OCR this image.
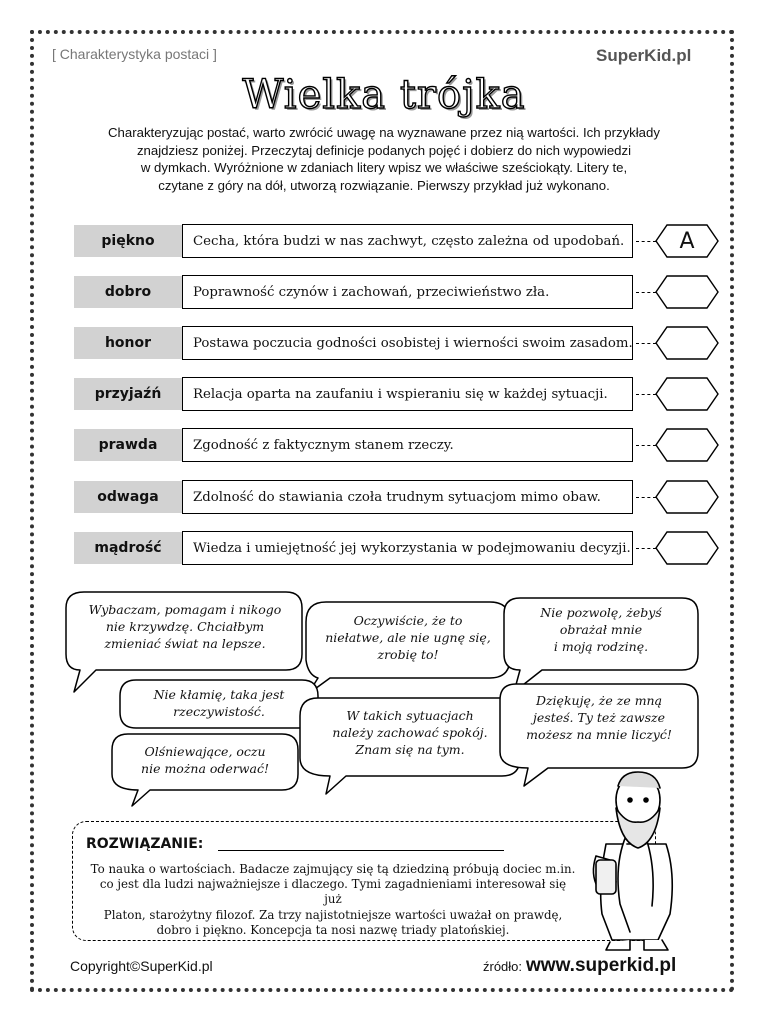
[ Charakterystyka postaci ]	SuperKid.pl
Wielka trójka
Charakteryzując postać, warto zwrócić uwagę na wyznawane przez nią wartości. Ich przykłady
znajdziesz poniżej. Przeczytaj definicje podanych pojęć i dobierz do nich wypowiedzi
w dymkach. Wyróżnione w zdaniach litery wpisz we właściwe sześciokąty. Litery te,
czytane z góry na dół, utworzą rozwiązanie. Pierwszy przykład już wykonano.
piękno	Cecha, która budzi w nas zachwyt, często zależna od upodobań.	A
dobro	Poprawność czynów i zachowań, przeciwieństwo zła.
honor	Postawa poczucia godności osobistej i wierności swoim zasadom.
przyjaźń	Relacja oparta na zaufaniu i wspieraniu się w każdej sytuacji.
prawda	Zgodność z faktycznym stanem rzeczy.
odwaga	Zdolność do stawiania czoła trudnym sytuacjom mimo obaw.
mądrość	Wiedza i umiejętność jej wykorzystania w podejmowaniu decyzji.
Wybaczam, pomagam i nikogo
nie krzywdzę. Chciałbym
zmieniać świat na lepsze.
Oczywiście, że to
niełatwe, ale nie ugnę się,
zrobię to!
Nie pozwolę, żebyś
obrażał mnie
i moją rodzinę.
Nie kłamię, taka jest
rzeczywistość.	W takich sytuacjach
należy zachować spokój.
Znam się na tym.
Dziękuję, że ze mną
jesteś. Ty też zawsze
możesz na mnie liczyć!
Olśniewające, oczu
nie można oderwać!
ROZWIĄZANIE:
To nauka o wartościach. Badacze zajmujący się tą dziedziną próbują dociec m.in.
co jest dla ludzi najważniejsze i dlaczego. Tymi zagadnieniami interesował się już
Platon, starożytny filozof. Za trzy najistotniejsze wartości uważał on prawdę,
dobro i piękno. Koncepcja ta nosi nazwę triady platońskiej.
Copyright©SuperKid.pl	źródło: www.superkid.pl
